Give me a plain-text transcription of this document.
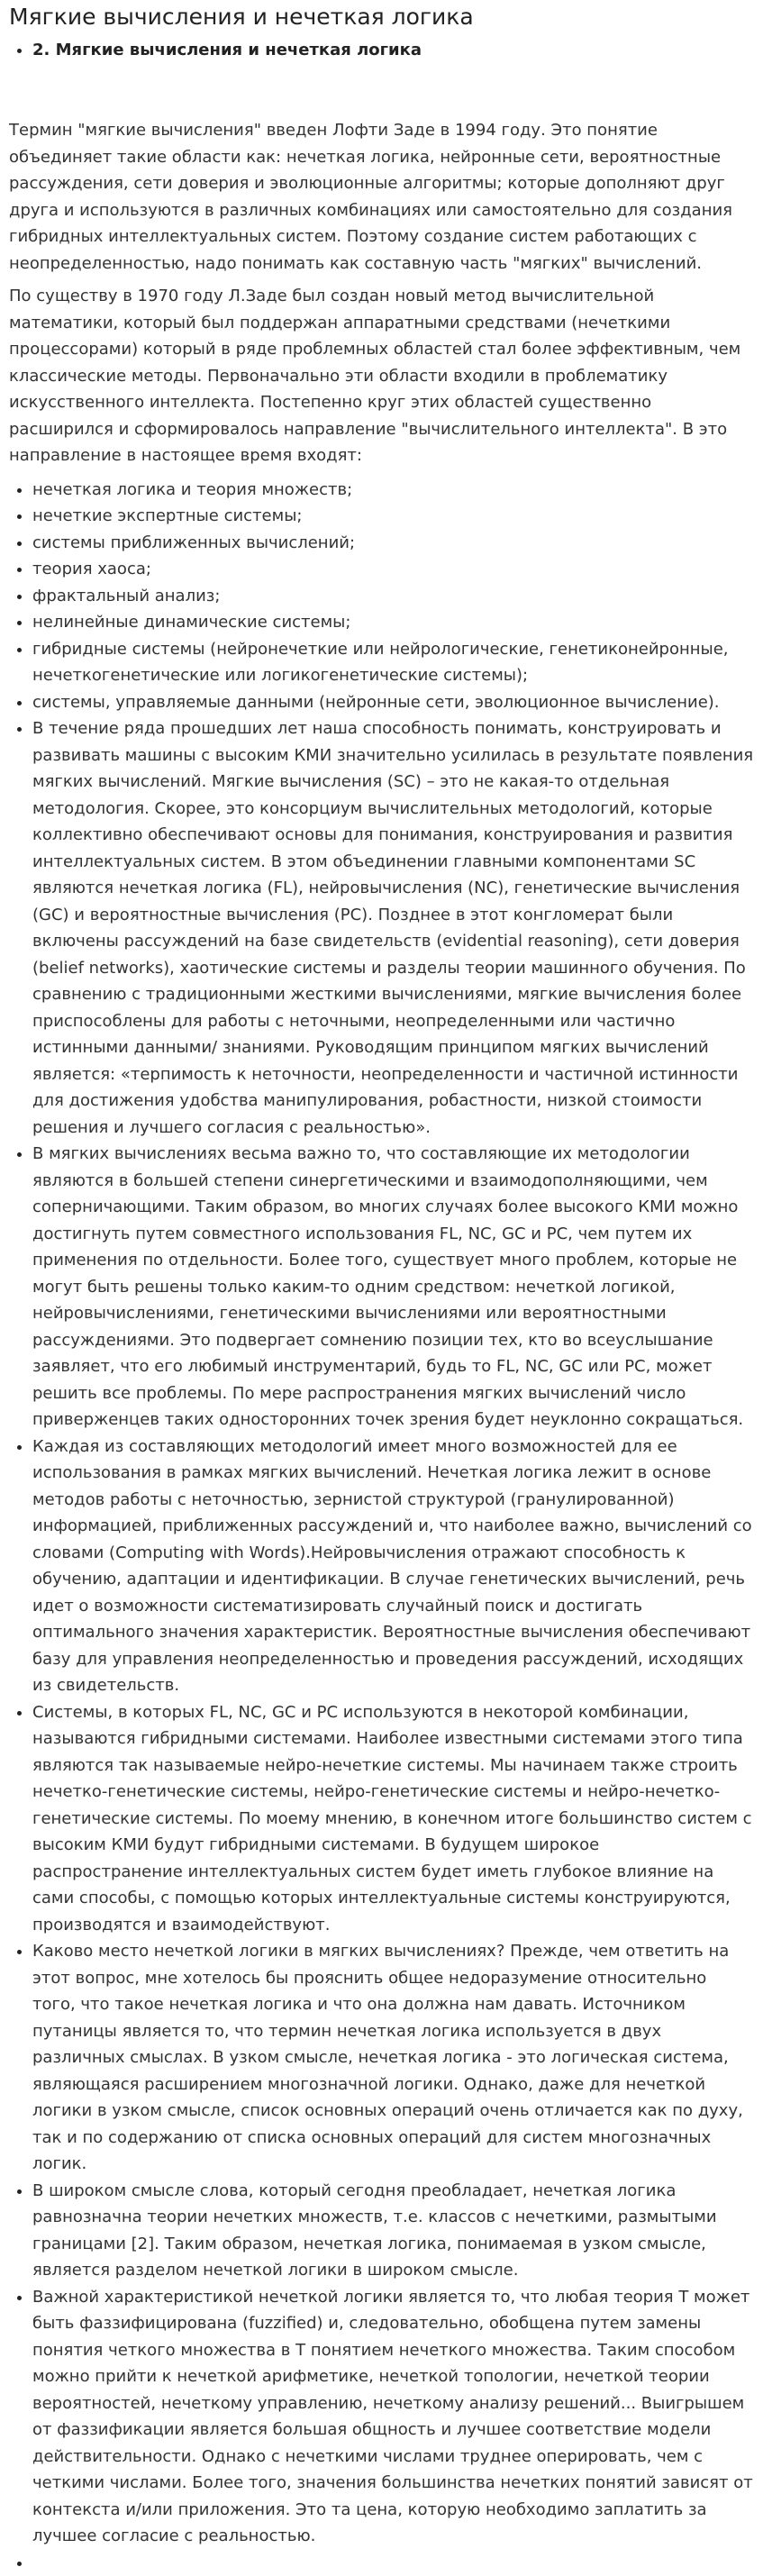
Мягкие вычисления и нечеткая логика
• 2. Мягкие вычисления и нечеткая логика

Термин "мягкие вычисления" введен Лофти Заде в 1994 году. Это понятие объединяет такие области как: нечеткая логика, нейронные сети, вероятностные рассуждения, сети доверия и эволюционные алгоритмы; которые дополняют друг друга и используются в различных комбинациях или самостоятельно для создания гибридных интеллектуальных систем. Поэтому создание систем работающих с неопределенностью, надо понимать как составную часть "мягких" вычислений.

По существу в 1970 году Л.Заде был создан новый метод вычислительной математики, который был поддержан аппаратными средствами (нечеткими процессорами) который в ряде проблемных областей стал более эффективным, чем классические методы. Первоначально эти области входили в проблематику искусственного интеллекта. Постепенно круг этих областей существенно расширился и сформировалось направление "вычислительного интеллекта". В это направление в настоящее время входят:

• нечеткая логика и теория множеств;
• нечеткие экспертные системы;
• системы приближенных вычислений;
• теория хаоса;
• фрактальный анализ;
• нелинейные динамические системы;
• гибридные системы (нейронечеткие или нейрологические, генетиконейронные, нечеткогенетические или логикогенетические системы);
• системы, управляемые данными (нейронные сети, эволюционное вычисление).
• В течение ряда прошедших лет наша способность понимать, конструировать и развивать машины с высоким КМИ значительно усилилась в результате появления мягких вычислений. Мягкие вычисления (SC) – это не какая-то отдельная методология. Скорее, это консорциум вычислительных методологий, которые коллективно обеспечивают основы для понимания, конструирования и развития интеллектуальных систем. В этом объединении главными компонентами SC являются нечеткая логика (FL), нейровычисления (NC), генетические вычисления (GC) и вероятностные вычисления (PC). Позднее в этот конгломерат были включены рассуждений на базе свидетельств (evidential reasoning), сети доверия (belief networks), хаотические системы и разделы теории машинного обучения. По сравнению с традиционными жесткими вычислениями, мягкие вычисления более приспособлены для работы с неточными, неопределенными или частично истинными данными/ знаниями. Руководящим принципом мягких вычислений является: «терпимость к неточности, неопределенности и частичной истинности для достижения удобства манипулирования, робастности, низкой стоимости решения и лучшего согласия с реальностью».
• В мягких вычислениях весьма важно то, что составляющие их методологии являются в большей степени синергетическими и взаимодополняющими, чем соперничающими. Таким образом, во многих случаях более высокого КМИ можно достигнуть путем совместного использования FL, NC, GC и PC, чем путем их применения по отдельности. Более того, существует много проблем, которые не могут быть решены только каким-то одним средством: нечеткой логикой, нейровычислениями, генетическими вычислениями или вероятностными рассуждениями. Это подвергает сомнению позиции тех, кто во всеуслышание заявляет, что его любимый инструментарий, будь то FL, NC, GC или PC, может решить все проблемы. По мере распространения мягких вычислений число приверженцев таких односторонних точек зрения будет неуклонно сокращаться.
• Каждая из составляющих методологий имеет много возможностей для ее использования в рамках мягких вычислений. Нечеткая логика лежит в основе методов работы с неточностью, зернистой структурой (гранулированной) информацией, приближенных рассуждений и, что наиболее важно, вычислений со словами (Computing with Words).Нейровычисления отражают способность к обучению, адаптации и идентификации. В случае генетических вычислений, речь идет о возможности систематизировать случайный поиск и достигать оптимального значения характеристик. Вероятностные вычисления обеспечивают базу для управления неопределенностью и проведения рассуждений, исходящих из свидетельств.
• Системы, в которых FL, NC, GC и PC используются в некоторой комбинации, называются гибридными системами. Наиболее известными системами этого типа являются так называемые нейро-нечеткие системы. Мы начинаем также строить нечетко-генетические системы, нейро-генетические системы и нейро-нечетко-генетические системы. По моему мнению, в конечном итоге большинство систем с высоким КМИ будут гибридными системами. В будущем широкое распространение интеллектуальных систем будет иметь глубокое влияние на сами способы, с помощью которых интеллектуальные системы конструируются, производятся и взаимодействуют.
• Каково место нечеткой логики в мягких вычислениях? Прежде, чем ответить на этот вопрос, мне хотелось бы прояснить общее недоразумение относительно того, что такое нечеткая логика и что она должна нам давать. Источником путаницы является то, что термин нечеткая логика используется в двух различных смыслах. В узком смысле, нечеткая логика - это логическая система, являющаяся расширением многозначной логики. Однако, даже для нечеткой логики в узком смысле, список основных операций очень отличается как по духу, так и по содержанию от списка основных операций для систем многозначных логик.
• В широком смысле слова, который сегодня преобладает, нечеткая логика равнозначна теории нечетких множеств, т.е. классов с нечеткими, размытыми границами [2]. Таким образом, нечеткая логика, понимаемая в узком смысле, является разделом нечеткой логики в широком смысле.
• Важной характеристикой нечеткой логики является то, что любая теория T может быть фаззифицирована (fuzzified) и, следовательно, обобщена путем замены понятия четкого множества в T понятием нечеткого множества. Таким способом можно прийти к нечеткой арифметике, нечеткой топологии, нечеткой теории вероятностей, нечеткому управлению, нечеткому анализу решений... Выигрышем от фаззификации является большая общность и лучшее соответствие модели действительности. Однако с нечеткими числами труднее оперировать, чем с четкими числами. Более того, значения большинства нечетких понятий зависят от контекста и/или приложения. Это та цена, которую необходимо заплатить за лучшее согласие с реальностью.
•
